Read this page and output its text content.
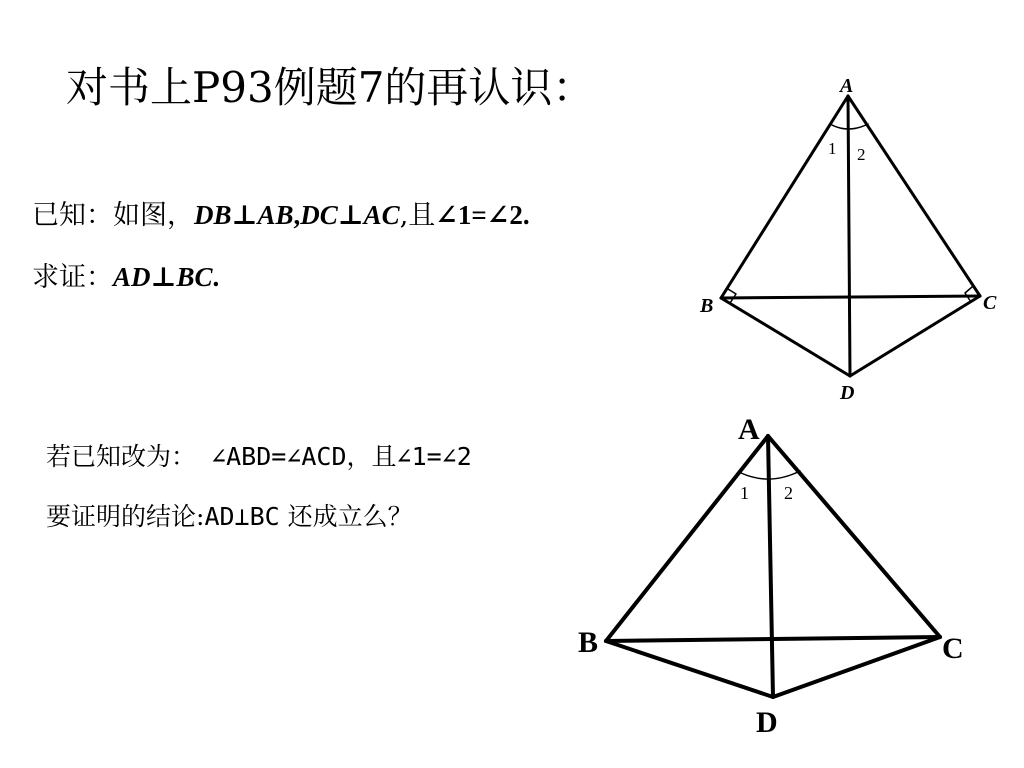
对书上P93例题7的再认识：
已知：如图，DB⊥AB,DC⊥AC,且∠1=∠2.
求证：AD⊥BC.
若已知改为： ∠ABD=∠ACD，且∠1=∠2
要证明的结论:AD⊥BC 还成立么？
A
B	C
D
1 2
A
B	C
D
1 2
